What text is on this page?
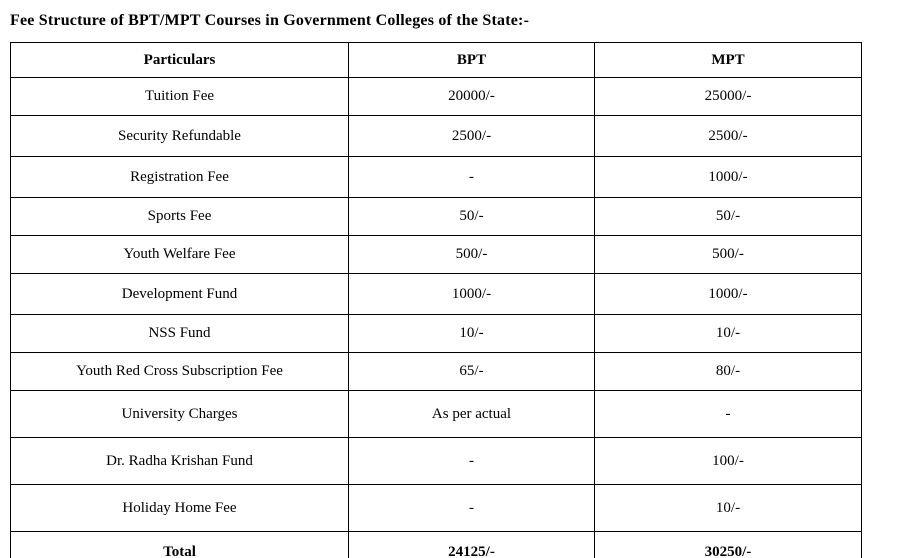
Fee Structure of BPT/MPT Courses in Government Colleges of the State:-
Particulars	BPT	MPT
Tuition Fee	20000/-	25000/-
Security Refundable	2500/-	2500/-
Registration Fee	-	1000/-
Sports Fee	50/-	50/-
Youth Welfare Fee	500/-	500/-
Development Fund	1000/-	1000/-
NSS Fund	10/-	10/-
Youth Red Cross Subscription Fee	65/-	80/-
University Charges	As per actual	-
Dr. Radha Krishan Fund	-	100/-
Holiday Home Fee	-	10/-
Total	24125/-	30250/-
